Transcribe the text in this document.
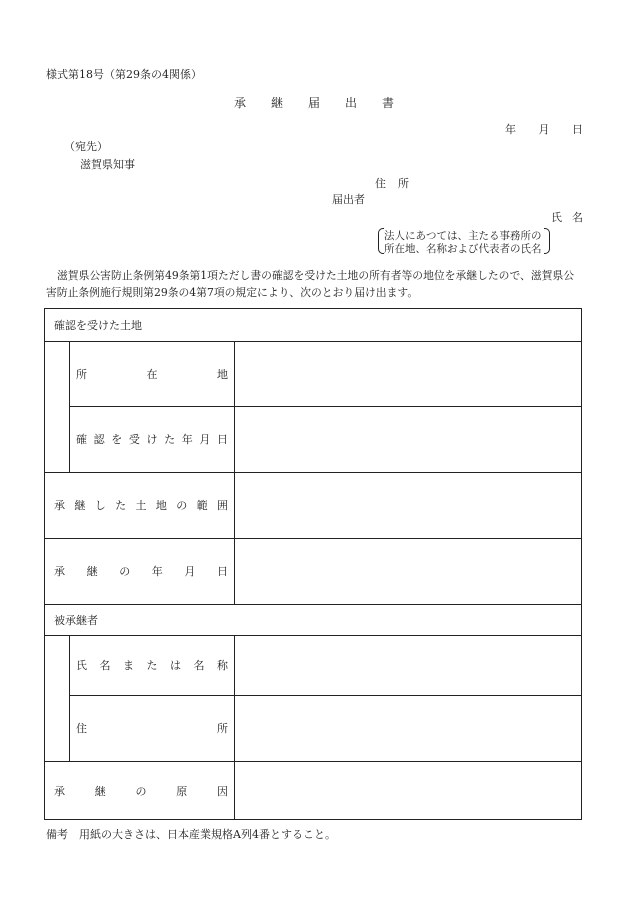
様式第18号（第29条の4関係）
承 継 届 出 書
年 月 日
（宛先）
滋賀県知事
住 所
届出者
氏 名
法人にあつては、主たる事務所の
所在地、名称および代表者の氏名
滋賀県公害防止条例第49条第1項ただし書の確認を受けた土地の所有者等の地位を承継したので、滋賀県公害防止条例施行規則第29条の4第7項の規定により、次のとおり届け出ます。
確認を受けた土地
所	在	地
確 認 を 受 け た 年 月 日
承 継 し た 土 地 の 範 囲
承 継 の 年 月 日
被承継者
氏 名 ま た は 名 称
住	所
承	継	の	原	因
備考　用紙の大きさは、日本産業規格A列4番とすること。
